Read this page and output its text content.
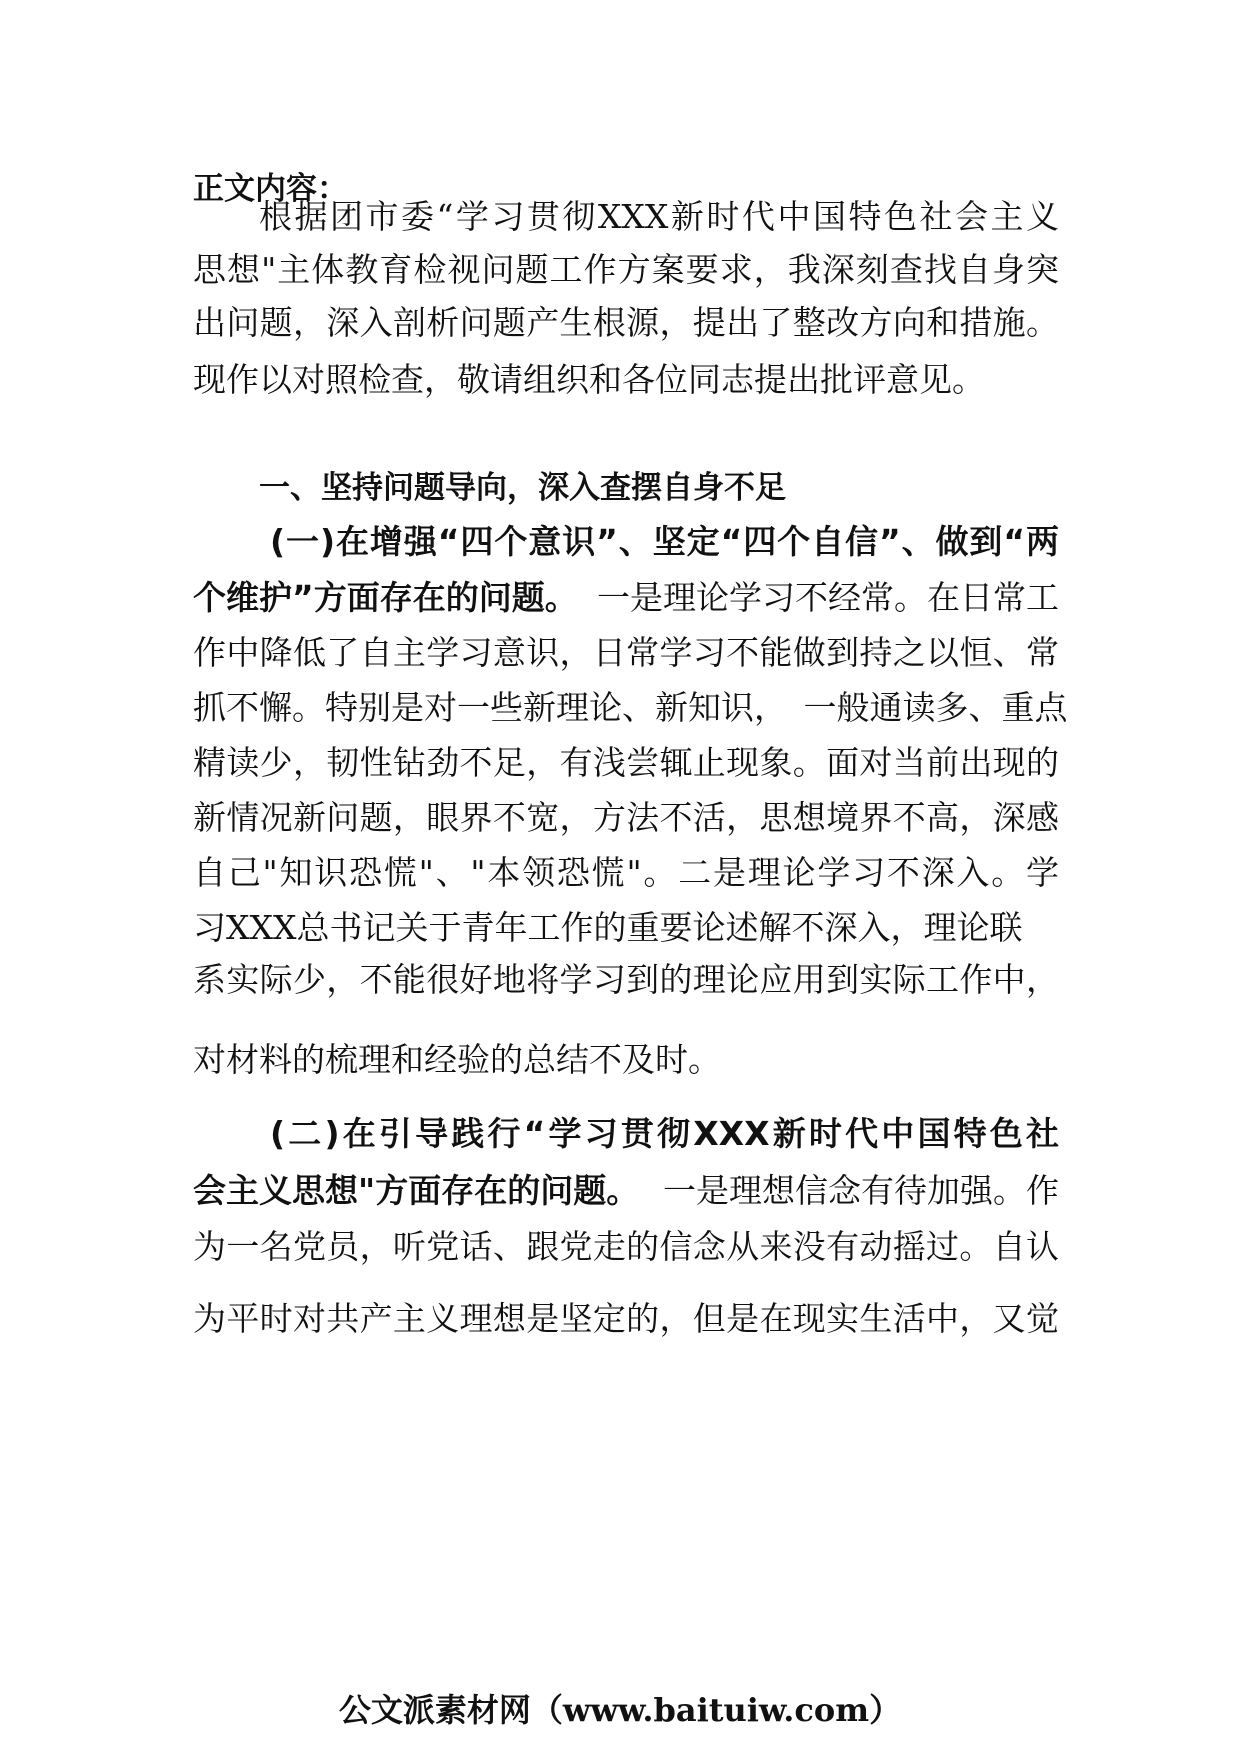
正文内容：
根据团市委“学习贯彻XXX新时代中国特色社会主义
思想"主体教育检视问题工作方案要求，我深刻查找自身突
出问题，深入剖析问题产生根源，提出了整改方向和措施。
现作以对照检查，敬请组织和各位同志提出批评意见。
一、坚持问题导向，深入查摆自身不足
(一)在增强“四个意识”、坚定“四个自信”、做到“两
个维护”方面存在的问题。 一是理论学习不经常。在日常工
作中降低了自主学习意识，日常学习不能做到持之以恒、常
抓不懈。特别是对一些新理论、新知识，　一般通读多、重点
精读少，韧性钻劲不足，有浅尝辄止现象。面对当前出现的
新情况新问题，眼界不宽，方法不活，思想境界不高，深感
自己"知识恐慌"、"本领恐慌"。二是理论学习不深入。学
习XXX总书记关于青年工作的重要论述解不深入，理论联
系实际少，不能很好地将学习到的理论应用到实际工作中，
对材料的梳理和经验的总结不及时。
(二)在引导践行“学习贯彻XXX新时代中国特色社
会主义思想"方面存在的问题。 一是理想信念有待加强。作
为一名党员，听党话、跟党走的信念从来没有动摇过。自认
为平时对共产主义理想是坚定的，但是在现实生活中，又觉
公文派素材网（www.baituiw.com）
